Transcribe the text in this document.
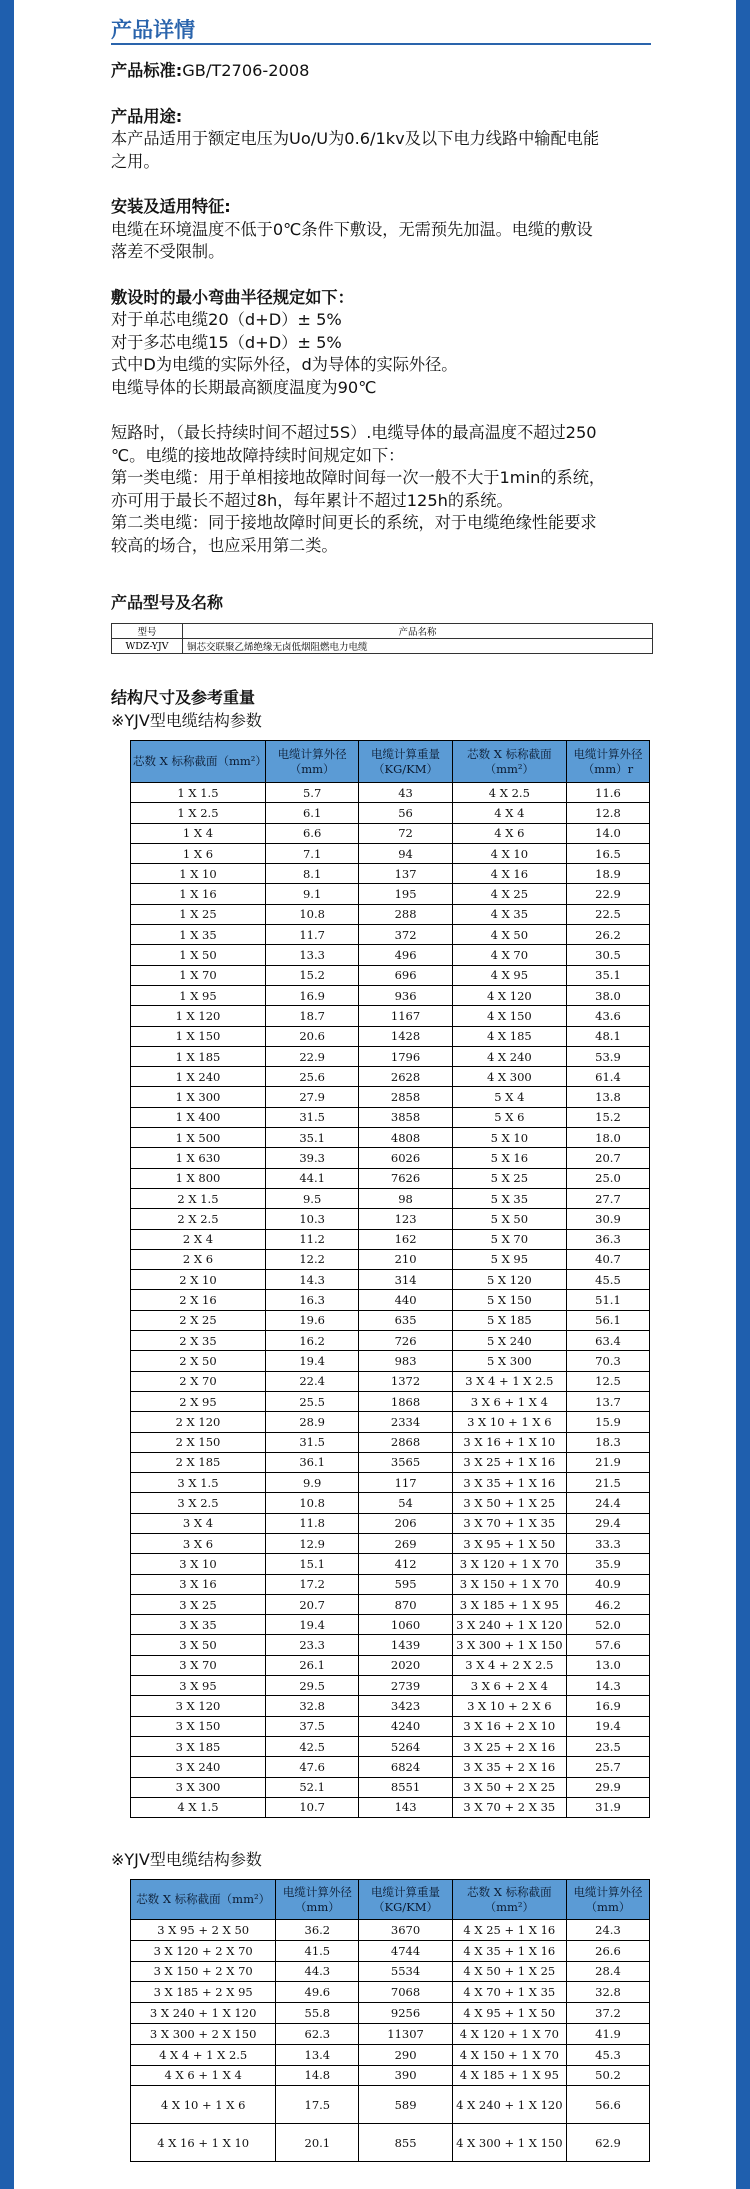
产品详情

产品标准:GB/T2706-2008

产品用途:

本产品适用于额定电压为Uo/U为0.6/1kv及以下电力线路中输配电能

之用。

安装及适用特征:

电缆在环境温度不低于0℃条件下敷设，无需预先加温。电缆的敷设

落差不受限制。

敷设时的最小弯曲半径规定如下：

对于单芯电缆20（d+D）± 5%

对于多芯电缆15（d+D）± 5%

式中D为电缆的实际外径，d为导体的实际外径。

电缆导体的长期最高额度温度为90℃

短路时，（最长持续时间不超过5S）.电缆导体的最高温度不超过250

℃。电缆的接地故障持续时间规定如下：

第一类电缆：用于单相接地故障时间每一次一般不大于1min的系统，

亦可用于最长不超过8h，每年累计不超过125h的系统。

第二类电缆：同于接地故障时间更长的系统，对于电缆绝缘性能要求

较高的场合，也应采用第二类。

产品型号及名称
型号	产品名称
WDZ-YJV	铜芯交联聚乙烯绝缘无卤低烟阻燃电力电缆
结构尺寸及参考重量

※YJV型电缆结构参数

芯数 X 标称截面（mm²）	电缆计算外径（mm）	电缆计算重量（KG/KM）	芯数 X 标称截面（mm²）	电缆计算外径（mm）r
1 X 1.5	5.7	43	4 X 2.5	11.6
1 X 2.5	6.1	56	4 X 4	12.8
1 X 4	6.6	72	4 X 6	14.0
1 X 6	7.1	94	4 X 10	16.5
1 X 10	8.1	137	4 X 16	18.9
1 X 16	9.1	195	4 X 25	22.9
1 X 25	10.8	288	4 X 35	22.5
1 X 35	11.7	372	4 X 50	26.2
1 X 50	13.3	496	4 X 70	30.5
1 X 70	15.2	696	4 X 95	35.1
1 X 95	16.9	936	4 X 120	38.0
1 X 120	18.7	1167	4 X 150	43.6
1 X 150	20.6	1428	4 X 185	48.1
1 X 185	22.9	1796	4 X 240	53.9
1 X 240	25.6	2628	4 X 300	61.4
1 X 300	27.9	2858	5 X 4	13.8
1 X 400	31.5	3858	5 X 6	15.2
1 X 500	35.1	4808	5 X 10	18.0
1 X 630	39.3	6026	5 X 16	20.7
1 X 800	44.1	7626	5 X 25	25.0
2 X 1.5	9.5	98	5 X 35	27.7
2 X 2.5	10.3	123	5 X 50	30.9
2 X 4	11.2	162	5 X 70	36.3
2 X 6	12.2	210	5 X 95	40.7
2 X 10	14.3	314	5 X 120	45.5
2 X 16	16.3	440	5 X 150	51.1
2 X 25	19.6	635	5 X 185	56.1
2 X 35	16.2	726	5 X 240	63.4
2 X 50	19.4	983	5 X 300	70.3
2 X 70	22.4	1372	3 X 4 + 1 X 2.5	12.5
2 X 95	25.5	1868	3 X 6 + 1 X 4	13.7
2 X 120	28.9	2334	3 X 10 + 1 X 6	15.9
2 X 150	31.5	2868	3 X 16 + 1 X 10	18.3
2 X 185	36.1	3565	3 X 25 + 1 X 16	21.9
3 X 1.5	9.9	117	3 X 35 + 1 X 16	21.5
3 X 2.5	10.8	54	3 X 50 + 1 X 25	24.4
3 X 4	11.8	206	3 X 70 + 1 X 35	29.4
3 X 6	12.9	269	3 X 95 + 1 X 50	33.3
3 X 10	15.1	412	3 X 120 + 1 X 70	35.9
3 X 16	17.2	595	3 X 150 + 1 X 70	40.9
3 X 25	20.7	870	3 X 185 + 1 X 95	46.2
3 X 35	19.4	1060	3 X 240 + 1 X 120	52.0
3 X 50	23.3	1439	3 X 300 + 1 X 150	57.6
3 X 70	26.1	2020	3 X 4 + 2 X 2.5	13.0
3 X 95	29.5	2739	3 X 6 + 2 X 4	14.3
3 X 120	32.8	3423	3 X 10 + 2 X 6	16.9
3 X 150	37.5	4240	3 X 16 + 2 X 10	19.4
3 X 185	42.5	5264	3 X 25 + 2 X 16	23.5
3 X 240	47.6	6824	3 X 35 + 2 X 16	25.7
3 X 300	52.1	8551	3 X 50 + 2 X 25	29.9
4 X 1.5	10.7	143	3 X 70 + 2 X 35	31.9

※YJV型电缆结构参数

芯数 X 标称截面（mm²）	电缆计算外径（mm）	电缆计算重量（KG/KM）	芯数 X 标称截面（mm²）	电缆计算外径（mm）
3 X 95 + 2 X 50	36.2	3670	4 X 25 + 1 X 16	24.3
3 X 120 + 2 X 70	41.5	4744	4 X 35 + 1 X 16	26.6
3 X 150 + 2 X 70	44.3	5534	4 X 50 + 1 X 25	28.4
3 X 185 + 2 X 95	49.6	7068	4 X 70 + 1 X 35	32.8
3 X 240 + 1 X 120	55.8	9256	4 X 95 + 1 X 50	37.2
3 X 300 + 2 X 150	62.3	11307	4 X 120 + 1 X 70	41.9
4 X 4 + 1 X 2.5	13.4	290	4 X 150 + 1 X 70	45.3
4 X 6 + 1 X 4	14.8	390	4 X 185 + 1 X 95	50.2
4 X 10 + 1 X 6	17.5	589	4 X 240 + 1 X 120	56.6
4 X 16 + 1 X 10	20.1	855	4 X 300 + 1 X 150	62.9
